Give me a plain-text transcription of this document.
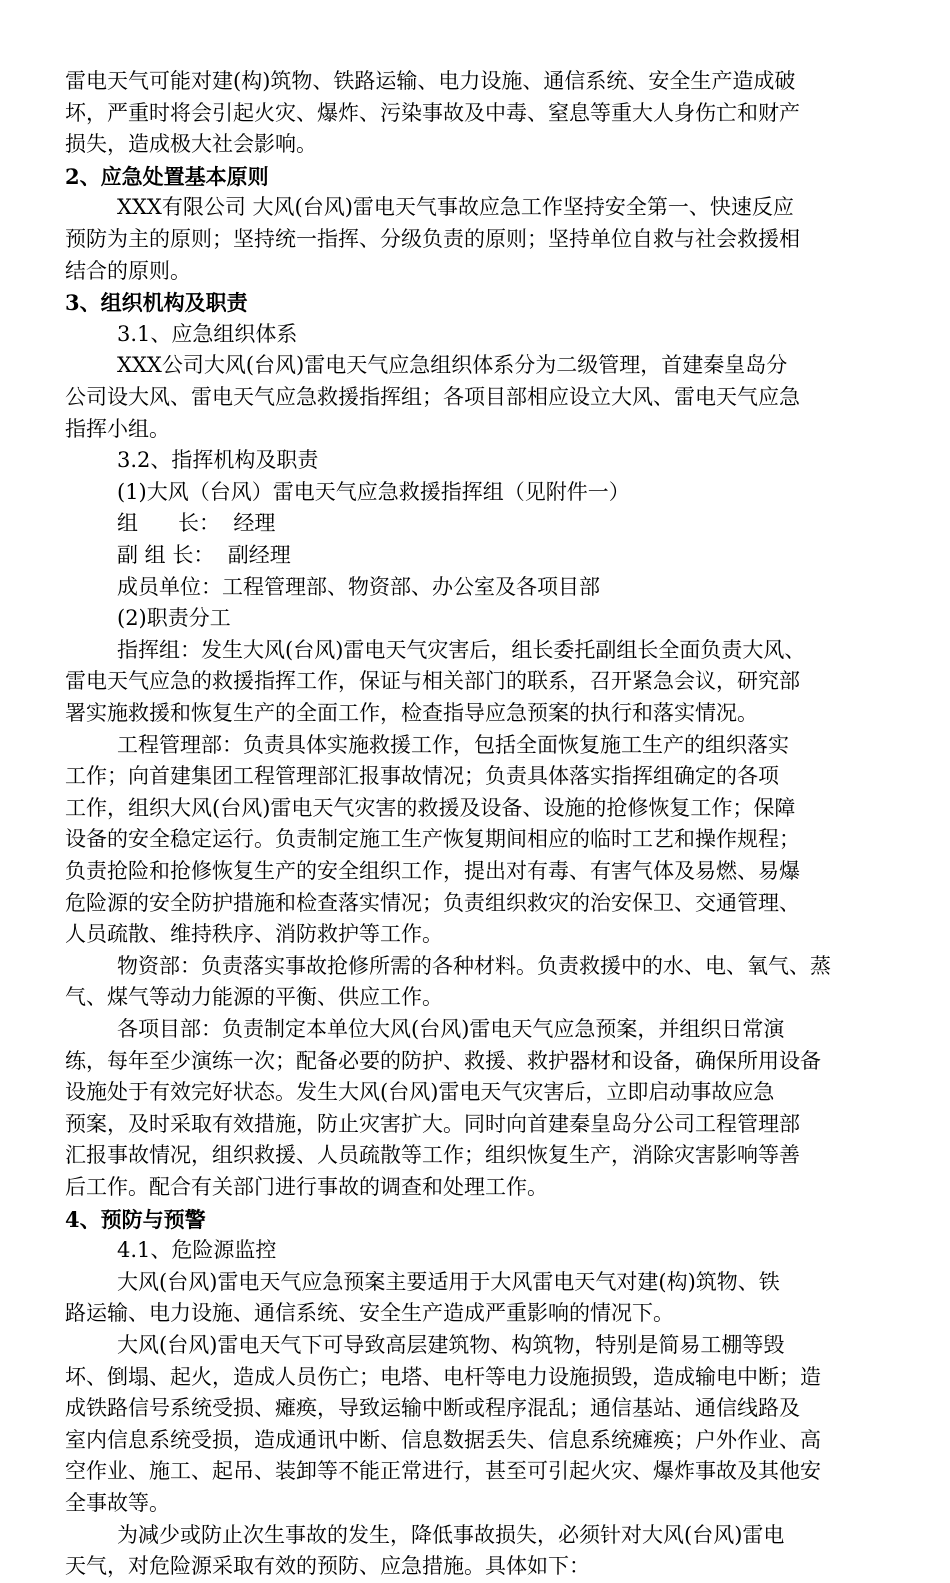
雷电天气可能对建(构)筑物、铁路运输、电力设施、通信系统、安全生产造成破
坏，严重时将会引起火灾、爆炸、污染事故及中毒、窒息等重大人身伤亡和财产
损失，造成极大社会影响。
2、应急处置基本原则
XXX有限公司 大风(台风)雷电天气事故应急工作坚持安全第一、快速反应
预防为主的原则；坚持统一指挥、分级负责的原则；坚持单位自救与社会救援相
结合的原则。
3、组织机构及职责
3.1、应急组织体系
XXX公司大风(台风)雷电天气应急组织体系分为二级管理，首建秦皇岛分
公司设大风、雷电天气应急救援指挥组；各项目部相应设立大风、雷电天气应急
指挥小组。
3.2、指挥机构及职责
(1)大风（台风）雷电天气应急救援指挥组（见附件一）
组      长：  经理
副 组 长：  副经理
成员单位：工程管理部、物资部、办公室及各项目部
(2)职责分工
指挥组：发生大风(台风)雷电天气灾害后，组长委托副组长全面负责大风、
雷电天气应急的救援指挥工作，保证与相关部门的联系，召开紧急会议，研究部
署实施救援和恢复生产的全面工作，检查指导应急预案的执行和落实情况。
工程管理部：负责具体实施救援工作，包括全面恢复施工生产的组织落实
工作；向首建集团工程管理部汇报事故情况；负责具体落实指挥组确定的各项
工作，组织大风(台风)雷电天气灾害的救援及设备、设施的抢修恢复工作；保障
设备的安全稳定运行。负责制定施工生产恢复期间相应的临时工艺和操作规程；
负责抢险和抢修恢复生产的安全组织工作，提出对有毒、有害气体及易燃、易爆
危险源的安全防护措施和检查落实情况；负责组织救灾的治安保卫、交通管理、
人员疏散、维持秩序、消防救护等工作。
物资部：负责落实事故抢修所需的各种材料。负责救援中的水、电、氧气、蒸
气、煤气等动力能源的平衡、供应工作。
各项目部：负责制定本单位大风(台风)雷电天气应急预案，并组织日常演
练，每年至少演练一次；配备必要的防护、救援、救护器材和设备，确保所用设备
设施处于有效完好状态。发生大风(台风)雷电天气灾害后，立即启动事故应急
预案，及时采取有效措施，防止灾害扩大。同时向首建秦皇岛分公司工程管理部
汇报事故情况，组织救援、人员疏散等工作；组织恢复生产，消除灾害影响等善
后工作。配合有关部门进行事故的调查和处理工作。
4、预防与预警
4.1、危险源监控
大风(台风)雷电天气应急预案主要适用于大风雷电天气对建(构)筑物、铁
路运输、电力设施、通信系统、安全生产造成严重影响的情况下。
大风(台风)雷电天气下可导致高层建筑物、构筑物，特别是简易工棚等毁
坏、倒塌、起火，造成人员伤亡；电塔、电杆等电力设施损毁，造成输电中断；造
成铁路信号系统受损、瘫痪，导致运输中断或程序混乱；通信基站、通信线路及
室内信息系统受损，造成通讯中断、信息数据丢失、信息系统瘫痪；户外作业、高
空作业、施工、起吊、装卸等不能正常进行，甚至可引起火灾、爆炸事故及其他安
全事故等。
为减少或防止次生事故的发生，降低事故损失，必须针对大风(台风)雷电
天气，对危险源采取有效的预防、应急措施。具体如下：
